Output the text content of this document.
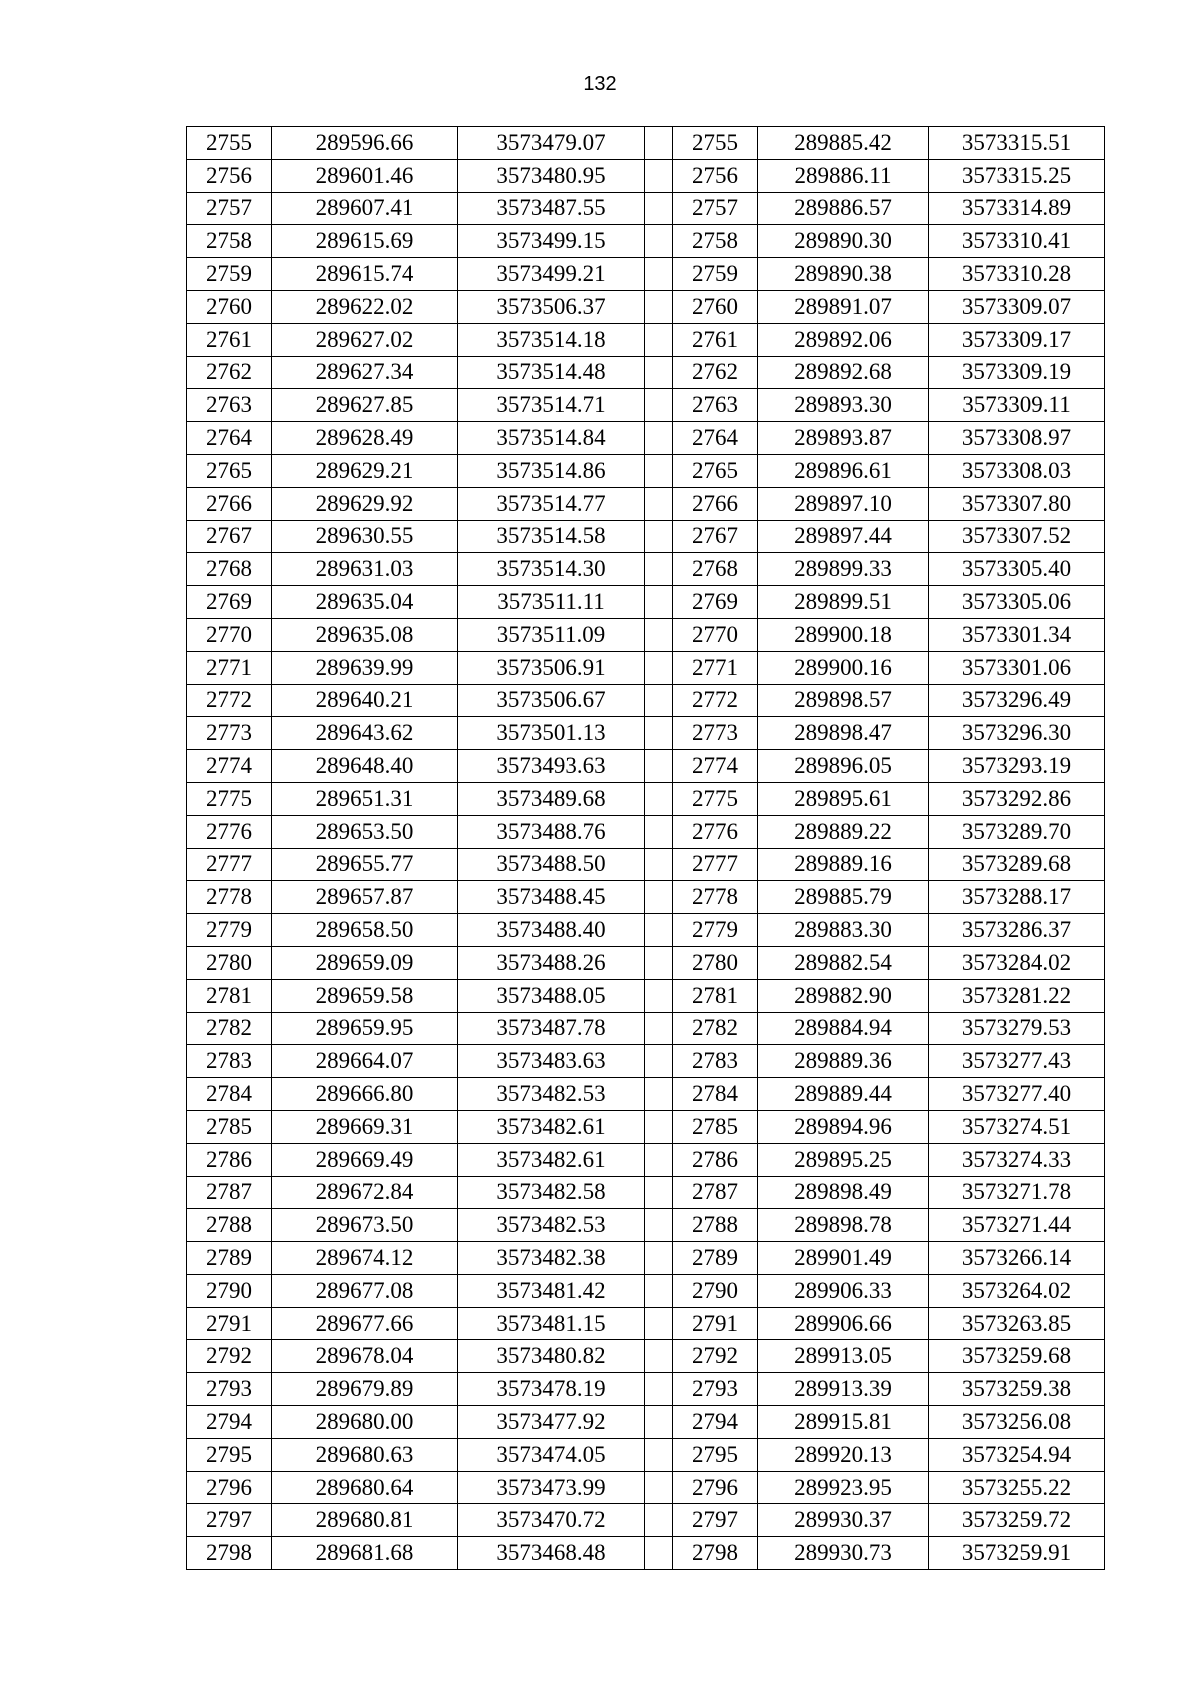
132
2755	289596.66	3573479.07		2755	289885.42	3573315.51
2756	289601.46	3573480.95		2756	289886.11	3573315.25
2757	289607.41	3573487.55		2757	289886.57	3573314.89
2758	289615.69	3573499.15		2758	289890.30	3573310.41
2759	289615.74	3573499.21		2759	289890.38	3573310.28
2760	289622.02	3573506.37		2760	289891.07	3573309.07
2761	289627.02	3573514.18		2761	289892.06	3573309.17
2762	289627.34	3573514.48		2762	289892.68	3573309.19
2763	289627.85	3573514.71		2763	289893.30	3573309.11
2764	289628.49	3573514.84		2764	289893.87	3573308.97
2765	289629.21	3573514.86		2765	289896.61	3573308.03
2766	289629.92	3573514.77		2766	289897.10	3573307.80
2767	289630.55	3573514.58		2767	289897.44	3573307.52
2768	289631.03	3573514.30		2768	289899.33	3573305.40
2769	289635.04	3573511.11		2769	289899.51	3573305.06
2770	289635.08	3573511.09		2770	289900.18	3573301.34
2771	289639.99	3573506.91		2771	289900.16	3573301.06
2772	289640.21	3573506.67		2772	289898.57	3573296.49
2773	289643.62	3573501.13		2773	289898.47	3573296.30
2774	289648.40	3573493.63		2774	289896.05	3573293.19
2775	289651.31	3573489.68		2775	289895.61	3573292.86
2776	289653.50	3573488.76		2776	289889.22	3573289.70
2777	289655.77	3573488.50		2777	289889.16	3573289.68
2778	289657.87	3573488.45		2778	289885.79	3573288.17
2779	289658.50	3573488.40		2779	289883.30	3573286.37
2780	289659.09	3573488.26		2780	289882.54	3573284.02
2781	289659.58	3573488.05		2781	289882.90	3573281.22
2782	289659.95	3573487.78		2782	289884.94	3573279.53
2783	289664.07	3573483.63		2783	289889.36	3573277.43
2784	289666.80	3573482.53		2784	289889.44	3573277.40
2785	289669.31	3573482.61		2785	289894.96	3573274.51
2786	289669.49	3573482.61		2786	289895.25	3573274.33
2787	289672.84	3573482.58		2787	289898.49	3573271.78
2788	289673.50	3573482.53		2788	289898.78	3573271.44
2789	289674.12	3573482.38		2789	289901.49	3573266.14
2790	289677.08	3573481.42		2790	289906.33	3573264.02
2791	289677.66	3573481.15		2791	289906.66	3573263.85
2792	289678.04	3573480.82		2792	289913.05	3573259.68
2793	289679.89	3573478.19		2793	289913.39	3573259.38
2794	289680.00	3573477.92		2794	289915.81	3573256.08
2795	289680.63	3573474.05		2795	289920.13	3573254.94
2796	289680.64	3573473.99		2796	289923.95	3573255.22
2797	289680.81	3573470.72		2797	289930.37	3573259.72
2798	289681.68	3573468.48		2798	289930.73	3573259.91
